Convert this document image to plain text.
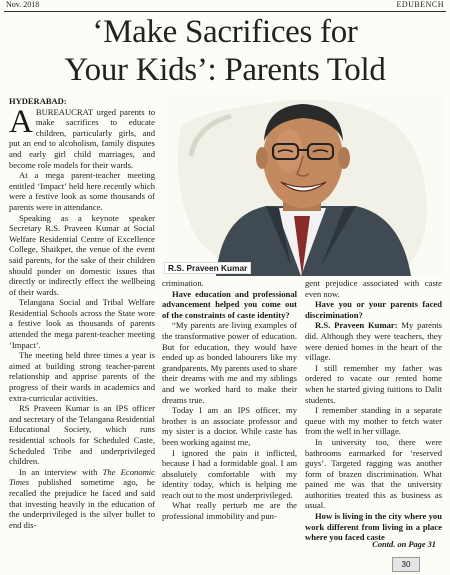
Nov. 2018	EDUBENCH
‘Make Sacrifices for
Your Kids’: Parents Told
HYDERABAD:

ABUREAUCRAT urged parents to make sacrifices to educate children, particularly girls, and put an end to alcoholism, family disputes and early girl child marriages, and become role models for their wards.

At a mega parent-teacher meeting entitled ‘Impact’ held here recently which were a festive look as some thousands of parents were in attendance.

Speaking as a keynote speaker Secretary R.S. Praveen Kumar at Social Welfare Residential Centre of Excellence College, Shaikpet, the venue of the event said parents, for the sake of their children should ponder on domestic issues that directly or indirectly effect the wellbeing of their wards.

Telangana Social and Tribal Welfare Residential Schools across the State wore a festive look as thousands of parents attended the mega parent-teacher meeting ‘Impact’.

The meeting held three times a year is aimed at building strong teacher-parent relationship and apprise parents of the progress of their wards in academics and extra-curricular activities.

RS Praveen Kumar is an IPS officer and secretary of the Telangana Residential Educational Society, which runs residential schools for Scheduled Caste, Scheduled Tribe and underprivileged children.

In an interview with The Economic Times published sometime ago, he recalled the prejudice he faced and said that investing heavily in the education of the underprivileged is the silver bullet to end dis-

R.S. Praveen Kumar

crimination.

Have education and professional advancement helped you come out of the constraints of caste identity?

“My parents are living examples of the transformative power of education. But for education, they would have ended up as bonded labourers like my grandparents. My parents used to share their dreams with me and my siblings and we worked hard to make their dreams true.

Today I am an IPS officer, my brother is an associate professor and my sister is a doctor. While caste has been working against me,

I ignored the pain it inflicted, because I had a formidable goal. I am absolutely comfortable with my identity today, which is helping me reach out to the most underprivileged.

What really perturb me are the professional immobility and pun-

gent prejudice associated with caste even now.

Have you or your parents faced discrimination?

R.S. Praveen Kumar: My parents did. Although they were teachers, they were denied homes in the heart of the village.

I still remember my father was ordered to vacate our rented home when he started giving tuitions to Dalit students.

I remember standing in a separate queue with my mother to fetch water from the well in her village.

In university too, there were bathrooms earmarked for ‘reserved guys’. Targeted ragging was another form of brazen discrimination. What pained me was that the university authorities treated this as business as usual.

How is living in the city where you work different from living in a place where you faced caste

Contd. on Page 31
30
